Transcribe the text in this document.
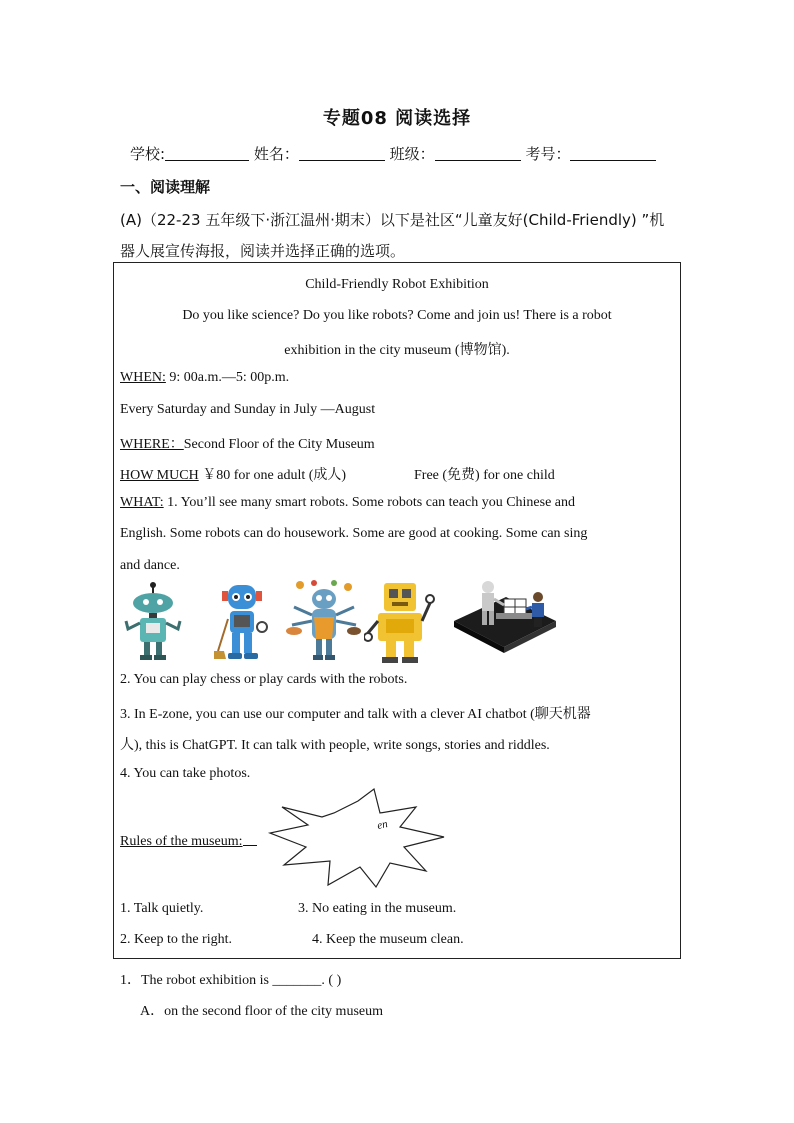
专题08 阅读选择
学校:	姓名：	班级：	考号：
一、阅读理解
(A)（22-23 五年级下·浙江温州·期末）以下是社区“儿童友好(Child-Friendly) ”机
器人展宣传海报，阅读并选择正确的选项。
Child-Friendly Robot Exhibition
Do you like science? Do you like robots? Come and join us! There is a robot
exhibition in the city museum (博物馆).
WHEN: 9: 00a.m.—5: 00p.m.
Every Saturday and Sunday in July —August
WHERE：Second Floor of the City Museum
HOW MUCH ￥80 for one adult (成人)	Free (免费) for one child
WHAT: 1. You’ll see many smart robots. Some robots can teach you Chinese and
English. Some robots can do housework. Some are good at cooking. Some can sing
and dance.
2. You can play chess or play cards with the robots.
3. In E-zone, you can use our computer and talk with a clever AI chatbot (聊天机器
人), this is ChatGPT. It can talk with people, write songs, stories and riddles.
4. You can take photos.
Rules of the museum:
en
1. Talk quietly.	3. No eating in the museum.
2. Keep to the right.	4. Keep the museum clean.
1．The robot exhibition is _______. ( )
A．on the second floor of the city museum
